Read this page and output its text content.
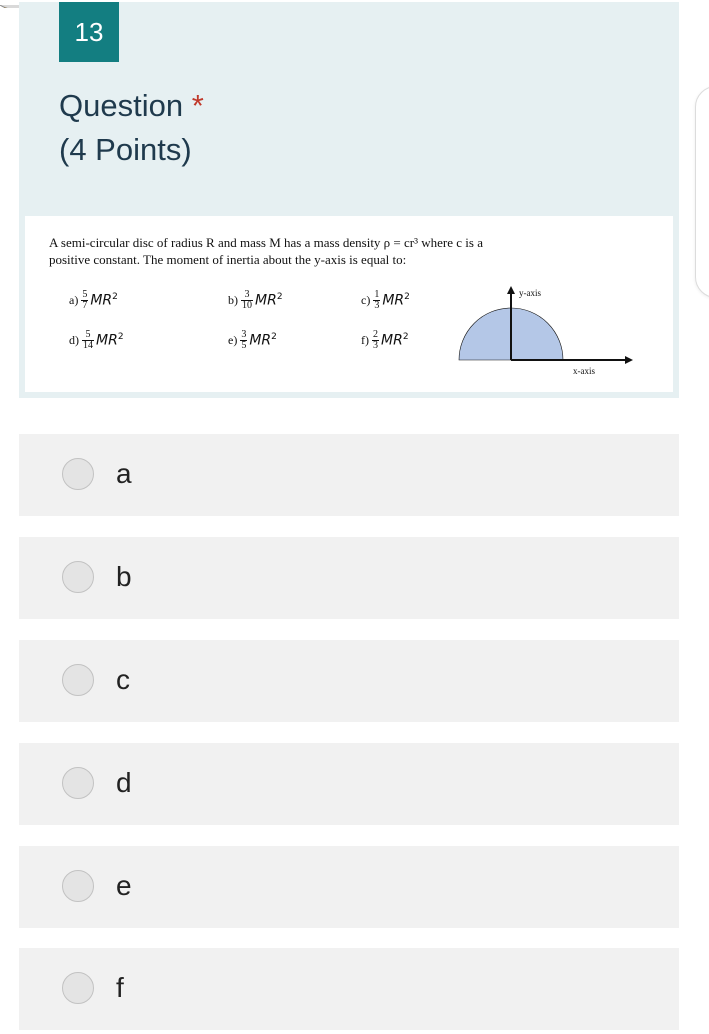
13
Question *
(4 Points)
A semi-circular disc of radius R and mass M has a mass density ρ = cr³ where c is a
positive constant. The moment of inertia about the y-axis is equal to:
$a) \frac{5}{7} MR^2$	$b) \frac{3}{10} MR^2$	$c) \frac{1}{3} MR^2$
$d) \frac{5}{14} MR^2$	$e) \frac{3}{5} MR^2$	$f) \frac{2}{3} MR^2$
y-axis
x-axis
a
b
c
d
e
f
